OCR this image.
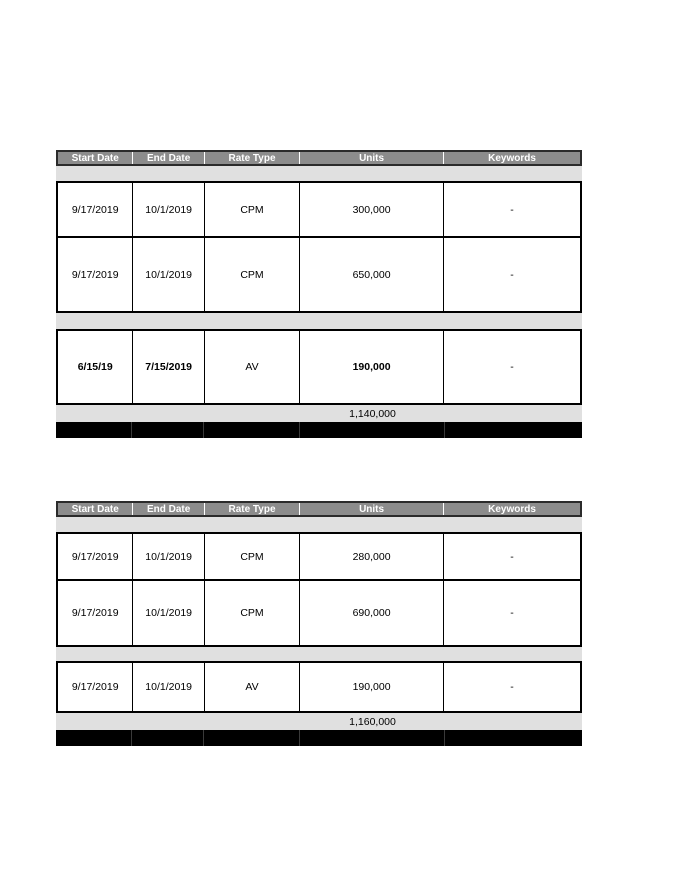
Start Date	End Date	Rate Type	Units	Keywords
9/17/2019	10/1/2019	CPM	300,000	-
9/17/2019	10/1/2019	CPM	650,000	-
6/15/19	7/15/2019	AV	190,000	-
1,140,000
Start Date	End Date	Rate Type	Units	Keywords
9/17/2019	10/1/2019	CPM	280,000	-
9/17/2019	10/1/2019	CPM	690,000	-
9/17/2019	10/1/2019	AV	190,000	-
1,160,000
